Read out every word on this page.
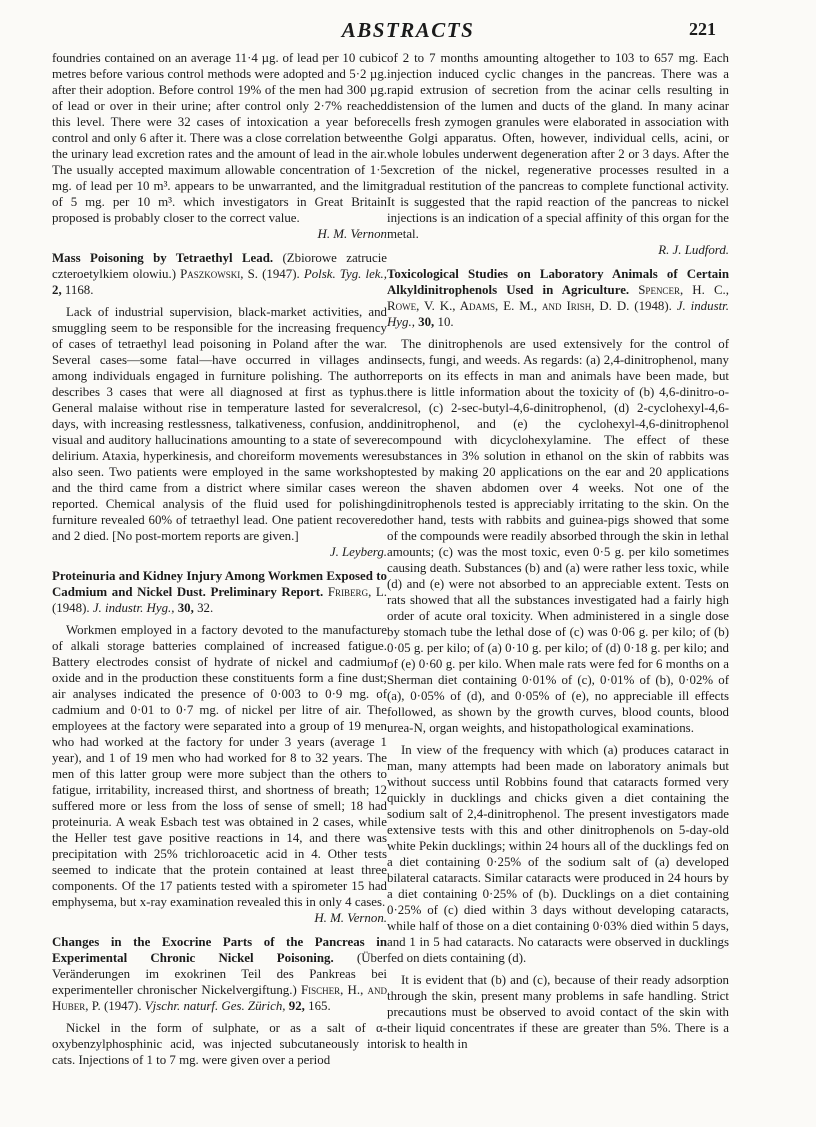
ABSTRACTS	221

foundries contained on an average 11·4 µg. of lead per 10 cubic metres before various control methods were adopted and 5·2 µg. after their adoption. Before control 19% of the men had 300 µg. of lead or over in their urine; after control only 2·7% reached this level. There were 32 cases of intoxication a year before control and only 6 after it. There was a close correlation between the urinary lead excretion rates and the amount of lead in the air. The usually accepted maximum allowable concentration of 1·5 mg. of lead per 10 m³. appears to be unwarranted, and the limit of 5 mg. per 10 m³. which investigators in Great Britain proposed is probably closer to the correct value.

H. M. Vernon

Mass Poisoning by Tetraethyl Lead. (Zbiorowe zatrucie czteroetylkiem olowiu.) Paszkowski, S. (1947). Polsk. Tyg. lek., 2, 1168.

Lack of industrial supervision, black-market activities, and smuggling seem to be responsible for the increasing frequency of cases of tetraethyl lead poisoning in Poland after the war. Several cases—some fatal—have occurred in villages and among individuals engaged in furniture polishing. The author describes 3 cases that were all diagnosed at first as typhus. General malaise without rise in temperature lasted for several days, with increasing restlessness, talkativeness, confusion, and visual and auditory hallucinations amounting to a state of severe delirium. Ataxia, hyperkinesis, and choreiform movements were also seen. Two patients were employed in the same workshop and the third came from a district where similar cases were reported. Chemical analysis of the fluid used for polishing furniture revealed 60% of tetraethyl lead. One patient recovered and 2 died. [No post-mortem reports are given.]

J. Leyberg.

Proteinuria and Kidney Injury Among Workmen Exposed to Cadmium and Nickel Dust. Preliminary Report. Friberg, L. (1948). J. industr. Hyg., 30, 32.

Workmen employed in a factory devoted to the manufacture of alkali storage batteries complained of increased fatigue. Battery electrodes consist of hydrate of nickel and cadmium oxide and in the production these constituents form a fine dust; air analyses indicated the presence of 0·003 to 0·9 mg. of cadmium and 0·01 to 0·7 mg. of nickel per litre of air. The employees at the factory were separated into a group of 19 men who had worked at the factory for under 3 years (average 1 year), and 1 of 19 men who had worked for 8 to 32 years. The men of this latter group were more subject than the others to fatigue, irritability, increased thirst, and shortness of breath; 12 suffered more or less from the loss of sense of smell; 18 had proteinuria. A weak Esbach test was obtained in 2 cases, while the Heller test gave positive reactions in 14, and there was precipitation with 25% trichloroacetic acid in 4. Other tests seemed to indicate that the protein contained at least three components. Of the 17 patients tested with a spirometer 15 had emphysema, but x-ray examination revealed this in only 4 cases.

H. M. Vernon.

Changes in the Exocrine Parts of the Pancreas in Experimental Chronic Nickel Poisoning. (Über Veränderungen im exokrinen Teil des Pankreas bei experimenteller chronischer Nickelvergiftung.) Fischer, H., and Huber, P. (1947). Vjschr. naturf. Ges. Zürich, 92, 165.

Nickel in the form of sulphate, or as a salt of α-oxybenzylphosphinic acid, was injected subcutaneously into cats. Injections of 1 to 7 mg. were given over a period

of 2 to 7 months amounting altogether to 103 to 657 mg. Each injection induced cyclic changes in the pancreas. There was a rapid extrusion of secretion from the acinar cells resulting in distension of the lumen and ducts of the gland. In many acinar cells fresh zymogen granules were elaborated in association with the Golgi apparatus. Often, however, individual cells, acini, or whole lobules underwent degeneration after 2 or 3 days. After the excretion of the nickel, regenerative processes resulted in a gradual restitution of the pancreas to complete functional activity. It is suggested that the rapid reaction of the pancreas to nickel injections is an indication of a special affinity of this organ for the metal.

R. J. Ludford.

Toxicological Studies on Laboratory Animals of Certain Alkyldinitrophenols Used in Agriculture. Spencer, H. C., Rowe, V. K., Adams, E. M., and Irish, D. D. (1948). J. industr. Hyg., 30, 10.

The dinitrophenols are used extensively for the control of insects, fungi, and weeds. As regards: (a) 2,4-dinitrophenol, many reports on its effects in man and animals have been made, but there is little information about the toxicity of (b) 4,6-dinitro-o-cresol, (c) 2-sec-butyl-4,6-dinitrophenol, (d) 2-cyclohexyl-4,6-dinitrophenol, and (e) the cyclohexyl-4,6-dinitrophenol compound with dicyclohexylamine. The effect of these substances in 3% solution in ethanol on the skin of rabbits was tested by making 20 applications on the ear and 20 applications on the shaven abdomen over 4 weeks. Not one of the dinitrophenols tested is appreciably irritating to the skin. On the other hand, tests with rabbits and guinea-pigs showed that some of the compounds were readily absorbed through the skin in lethal amounts; (c) was the most toxic, even 0·5 g. per kilo sometimes causing death. Substances (b) and (a) were rather less toxic, while (d) and (e) were not absorbed to an appreciable extent. Tests on rats showed that all the substances investigated had a fairly high order of acute oral toxicity. When administered in a single dose by stomach tube the lethal dose of (c) was 0·06 g. per kilo; of (b) 0·05 g. per kilo; of (a) 0·10 g. per kilo; of (d) 0·18 g. per kilo; and of (e) 0·60 g. per kilo. When male rats were fed for 6 months on a Sherman diet containing 0·01% of (c), 0·01% of (b), 0·02% of (a), 0·05% of (d), and 0·05% of (e), no appreciable ill effects followed, as shown by the growth curves, blood counts, blood urea-N, organ weights, and histopathological examinations.

In view of the frequency with which (a) produces cataract in man, many attempts had been made on laboratory animals but without success until Robbins found that cataracts formed very quickly in ducklings and chicks given a diet containing the sodium salt of 2,4-dinitrophenol. The present investigators made extensive tests with this and other dinitrophenols on 5-day-old white Pekin ducklings; within 24 hours all of the ducklings fed on a diet containing 0·25% of the sodium salt of (a) developed bilateral cataracts. Similar cataracts were produced in 24 hours by a diet containing 0·25% of (b). Ducklings on a diet containing 0·25% of (c) died within 3 days without developing cataracts, while half of those on a diet containing 0·03% died within 5 days, and 1 in 5 had cataracts. No cataracts were observed in ducklings fed on diets containing (d).

It is evident that (b) and (c), because of their ready adsorption through the skin, present many problems in safe handling. Strict precautions must be observed to avoid contact of the skin with their liquid concentrates if these are greater than 5%. There is a risk to health in
